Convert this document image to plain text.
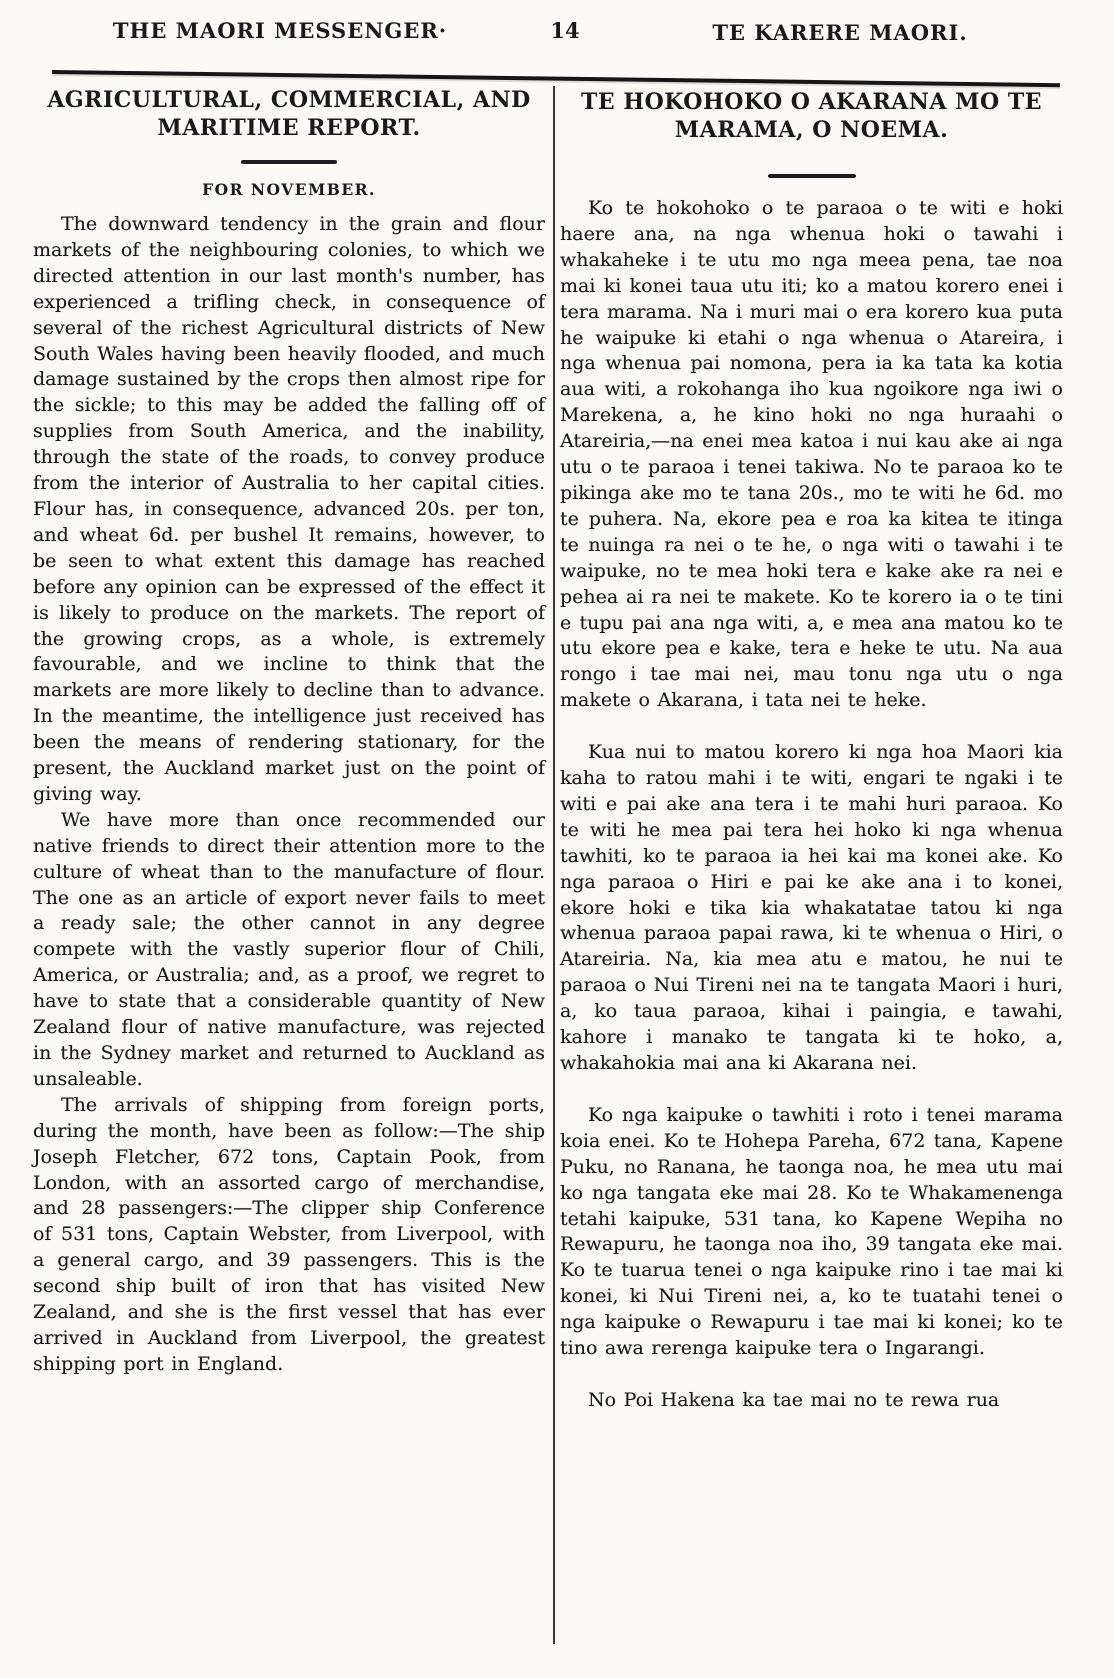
THE MAORI MESSENGER·	14	TE KARERE MAORI.
AGRICULTURAL, COMMERCIAL, AND MARITIME REPORT.
FOR NOVEMBER.

The downward tendency in the grain and flour markets of the neighbouring colonies, to which we directed attention in our last month's number, has experienced a trifling check, in consequence of several of the richest Agricultural districts of New South Wales having been heavily flooded, and much damage sustained by the crops then almost ripe for the sickle; to this may be added the falling off of supplies from South America, and the inability, through the state of the roads, to convey produce from the interior of Australia to her capital cities. Flour has, in consequence, advanced 20s. per ton, and wheat 6d. per bushel It remains, however, to be seen to what extent this damage has reached before any opinion can be expressed of the effect it is likely to produce on the markets. The report of the growing crops, as a whole, is extremely favourable, and we incline to think that the markets are more likely to decline than to advance. In the meantime, the intelligence just received has been the means of rendering stationary, for the present, the Auckland market just on the point of giving way.

We have more than once recommended our native friends to direct their attention more to the culture of wheat than to the manufacture of flour. The one as an article of export never fails to meet a ready sale; the other cannot in any degree compete with the vastly superior flour of Chili, America, or Australia; and, as a proof, we regret to have to state that a considerable quantity of New Zealand flour of native manufacture, was rejected in the Sydney market and returned to Auckland as unsaleable.

The arrivals of shipping from foreign ports, during the month, have been as follow:—The ship Joseph Fletcher, 672 tons, Captain Pook, from London, with an assorted cargo of merchandise, and 28 passengers:—The clipper ship Conference of 531 tons, Captain Webster, from Liverpool, with a general cargo, and 39 passengers. This is the second ship built of iron that has visited New Zealand, and she is the first vessel that has ever arrived in Auckland from Liverpool, the greatest shipping port in England.

TE HOKOHOKO O AKARANA MO TE MARAMA, O NOEMA.

Ko te hokohoko o te paraoa o te witi e hoki haere ana, na nga whenua hoki o tawahi i whakaheke i te utu mo nga meea pena, tae noa mai ki konei taua utu iti; ko a matou korero enei i tera marama. Na i muri mai o era korero kua puta he waipuke ki etahi o nga whenua o Atareira, i nga whenua pai nomona, pera ia ka tata ka kotia aua witi, a rokohanga iho kua ngoikore nga iwi o Marekena, a, he kino hoki no nga huraahi o Atareiria,—na enei mea katoa i nui kau ake ai nga utu o te paraoa i tenei takiwa. No te paraoa ko te pikinga ake mo te tana 20s., mo te witi he 6d. mo te puhera. Na, ekore pea e roa ka kitea te itinga te nuinga ra nei o te he, o nga witi o tawahi i te waipuke, no te mea hoki tera e kake ake ra nei e pehea ai ra nei te makete. Ko te korero ia o te tini e tupu pai ana nga witi, a, e mea ana matou ko te utu ekore pea e kake, tera e heke te utu. Na aua rongo i tae mai nei, mau tonu nga utu o nga makete o Akarana, i tata nei te heke.

Kua nui to matou korero ki nga hoa Maori kia kaha to ratou mahi i te witi, engari te ngaki i te witi e pai ake ana tera i te mahi huri paraoa. Ko te witi he mea pai tera hei hoko ki nga whenua tawhiti, ko te paraoa ia hei kai ma konei ake. Ko nga paraoa o Hiri e pai ke ake ana i to konei, ekore hoki e tika kia whakatatae tatou ki nga whenua paraoa papai rawa, ki te whenua o Hiri, o Atareiria. Na, kia mea atu e matou, he nui te paraoa o Nui Tireni nei na te tangata Maori i huri, a, ko taua paraoa, kihai i paingia, e tawahi, kahore i manako te tangata ki te hoko, a, whakahokia mai ana ki Akarana nei.

Ko nga kaipuke o tawhiti i roto i tenei marama koia enei. Ko te Hohepa Pareha, 672 tana, Kapene Puku, no Ranana, he taonga noa, he mea utu mai ko nga tangata eke mai 28. Ko te Whakamenenga tetahi kaipuke, 531 tana, ko Kapene Wepiha no Rewapuru, he taonga noa iho, 39 tangata eke mai. Ko te tuarua tenei o nga kaipuke rino i tae mai ki konei, ki Nui Tireni nei, a, ko te tuatahi tenei o nga kaipuke o Rewapuru i tae mai ki konei; ko te tino awa rerenga kaipuke tera o Ingarangi.

No Poi Hakena ka tae mai no te rewa rua
